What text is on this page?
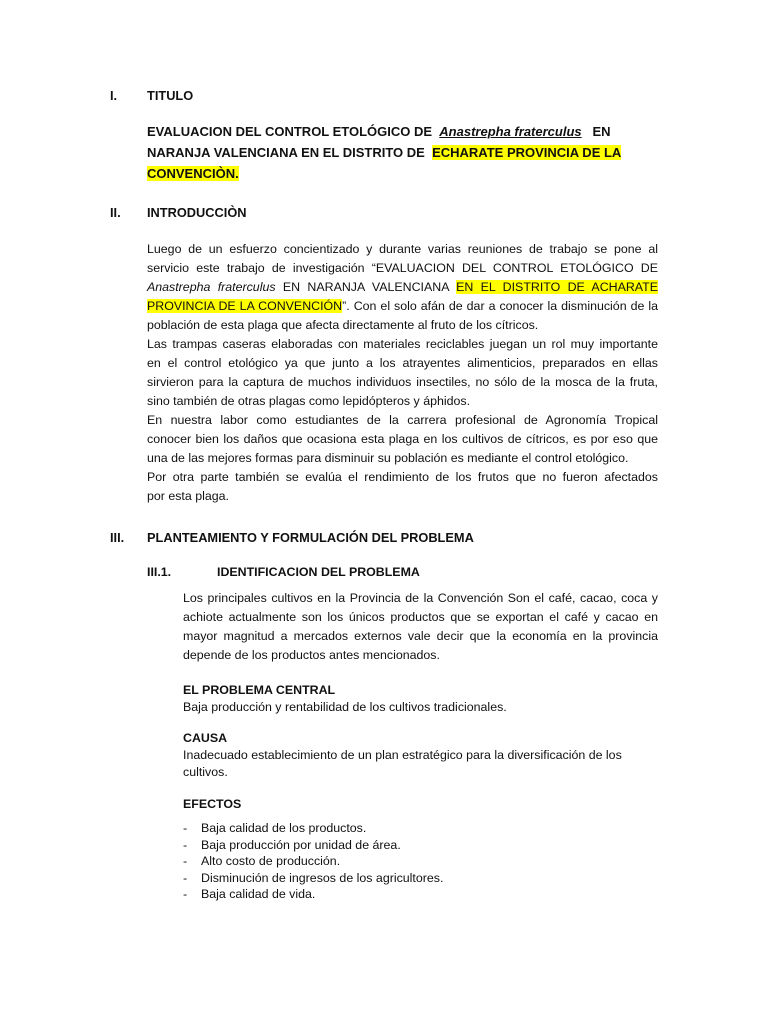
I. TITULO
EVALUACION DEL CONTROL ETOLÓGICO DE Anastrepha fraterculus EN
NARANJA VALENCIANA EN EL DISTRITO DE ECHARATE PROVINCIA DE LA
CONVENCIÒN.
II. INTRODUCCIÒN
Luego de un esfuerzo concientizado y durante varias reuniones de trabajo se pone al
servicio este trabajo de investigación “EVALUACION DEL CONTROL ETOLÓGICO DE
Anastrepha fraterculus EN NARANJA VALENCIANA EN EL DISTRITO DE ACHARATE
PROVINCIA DE LA CONVENCIÓN”. Con el solo afán de dar a conocer la disminución de la
población de esta plaga que afecta directamente al fruto de los cítricos.
Las trampas caseras elaboradas con materiales reciclables juegan un rol muy importante
en el control etológico ya que junto a los atrayentes alimenticios, preparados en ellas
sirvieron para la captura de muchos individuos insectiles, no sólo de la mosca de la fruta,
sino también de otras plagas como lepidópteros y áphidos.
En nuestra labor como estudiantes de la carrera profesional de Agronomía Tropical
conocer bien los daños que ocasiona esta plaga en los cultivos de cítricos, es por eso que
una de las mejores formas para disminuir su población es mediante el control etológico.
Por otra parte también se evalúa el rendimiento de los frutos que no fueron afectados
por esta plaga.
III. PLANTEAMIENTO Y FORMULACIÓN DEL PROBLEMA
III.1.	IDENTIFICACION DEL PROBLEMA
Los principales cultivos en la Provincia de la Convención Son el café, cacao, coca y
achiote actualmente son los únicos productos que se exportan el café y cacao en
mayor magnitud a mercados externos vale decir que la economía en la provincia
depende de los productos antes mencionados.
EL PROBLEMA CENTRAL
Baja producción y rentabilidad de los cultivos tradicionales.
CAUSA
Inadecuado establecimiento de un plan estratégico para la diversificación de los
cultivos.
EFECTOS
- Baja calidad de los productos.
- Baja producción por unidad de área.
- Alto costo de producción.
- Disminución de ingresos de los agricultores.
- Baja calidad de vida.
